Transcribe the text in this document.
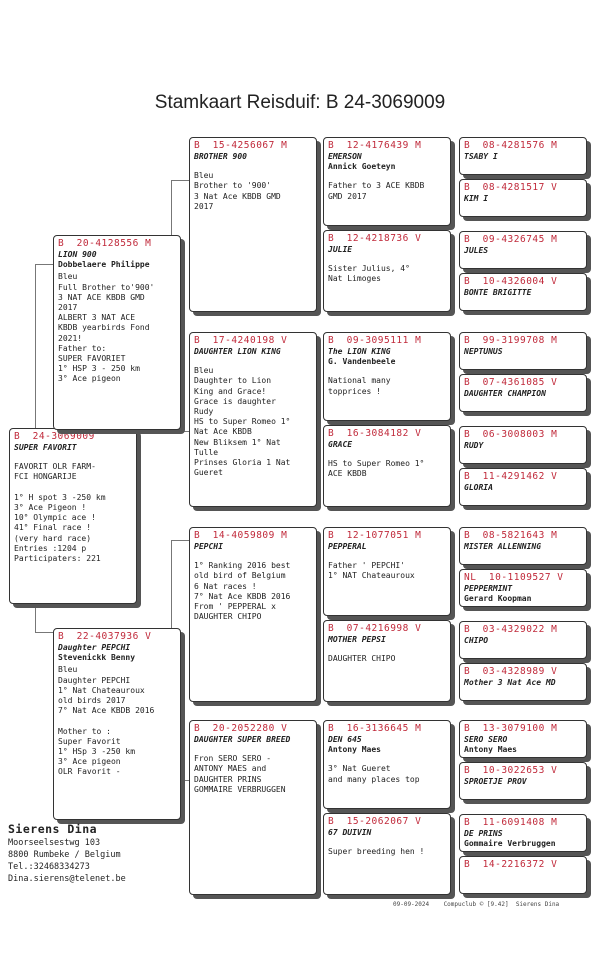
Stamkaart Reisduif: B 24-3069009
B  24-3069009
SUPER FAVORIT
FAVORIT OLR FARM-
FCI HONGARIJE

1° H spot 3 -250 km
3° Ace Pigeon !
10° Olympic ace !
41° Final race !
(very hard race)
Entries :1204 p
Participaters: 221
B  20-4128556 M
LION 900
Dobbelaere Philippe
Bleu
Full Brother to'900'
3 NAT ACE KBDB GMD
2017
ALBERT 3 NAT ACE
KBDB yearbirds Fond
2021!
Father to:
SUPER FAVORIET
1° HSP 3 - 250 km
3° Ace pigeon
B  22-4037936 V
Daughter PEPCHI
Stevenickk Benny
Bleu
Daughter PEPCHI
1° Nat Chateauroux
old birds 2017
7° Nat Ace KBDB 2016

Mother to :
Super Favorit
1° HSp 3 -250 km
3° Ace pigeon
OLR Favorit -
B  15-4256067 M
BROTHER 900
Bleu
Brother to '900'
3 Nat Ace KBDB GMD
2017
B  17-4240198 V
DAUGHTER LION KING
Bleu
Daughter to Lion
King and Grace!
Grace is daughter
Rudy
HS to Super Romeo 1°
Nat Ace KBDB
New Bliksem 1° Nat
Tulle
Prinses Gloria 1 Nat
Gueret
B  14-4059809 M
PEPCHI
1° Ranking 2016 best
old bird of Belgium
6 Nat races !
7° Nat Ace KBDB 2016
From ' PEPPERAL x
DAUGHTER CHIPO
B  20-2052280 V
DAUGHTER SUPER BREED
Fron SERO SERO -
ANTONY MAES and
DAUGHTER PRINS
GOMMAIRE VERBRUGGEN
B  12-4176439 M
EMERSON
Annick Goeteyn
Father to 3 ACE KBDB
GMD 2017
B  12-4218736 V
JULIE
Sister Julius, 4°
Nat Limoges
B  09-3095111 M
The LION KING
G. Vandenbeele
National many
topprices !
B  16-3084182 V
GRACE
HS to Super Romeo 1°
ACE KBDB
B  12-1077051 M
PEPPERAL
Father ' PEPCHI'
1° NAT Chateauroux
B  07-4216998 V
MOTHER PEPSI
DAUGHTER CHIPO
B  16-3136645 M
DEN 645
Antony Maes
3° Nat Gueret
and many places top
B  15-2062067 V
67 DUIVIN
Super breeding hen !
B  08-4281576 M
TSABY I
B  08-4281517 V
KIM I
B  09-4326745 M
JULES
B  10-4326004 V
BONTE BRIGITTE
B  99-3199708 M
NEPTUNUS
B  07-4361085 V
DAUGHTER CHAMPION
B  06-3008003 M
RUDY
B  11-4291462 V
GLORIA
B  08-5821643 M
MISTER ALLENNING
NL  10-1109527 V
PEPPERMINT
Gerard Koopman
B  03-4329022 M
CHIPO
B  03-4328989 V
Mother 3 Nat Ace MD
B  13-3079100 M
SERO SERO
Antony Maes
B  10-3022653 V
SPROETJE PROV
B  11-6091408 M
DE PRINS
Gommaire Verbruggen
B  14-2216372 V
Sierens Dina
Moorseelsestwg 103
8800 Rumbeke / Belgium
Tel.:32468334273
Dina.sierens@telenet.be
09-09-2024    Compuclub © [9.42]  Sierens Dina
